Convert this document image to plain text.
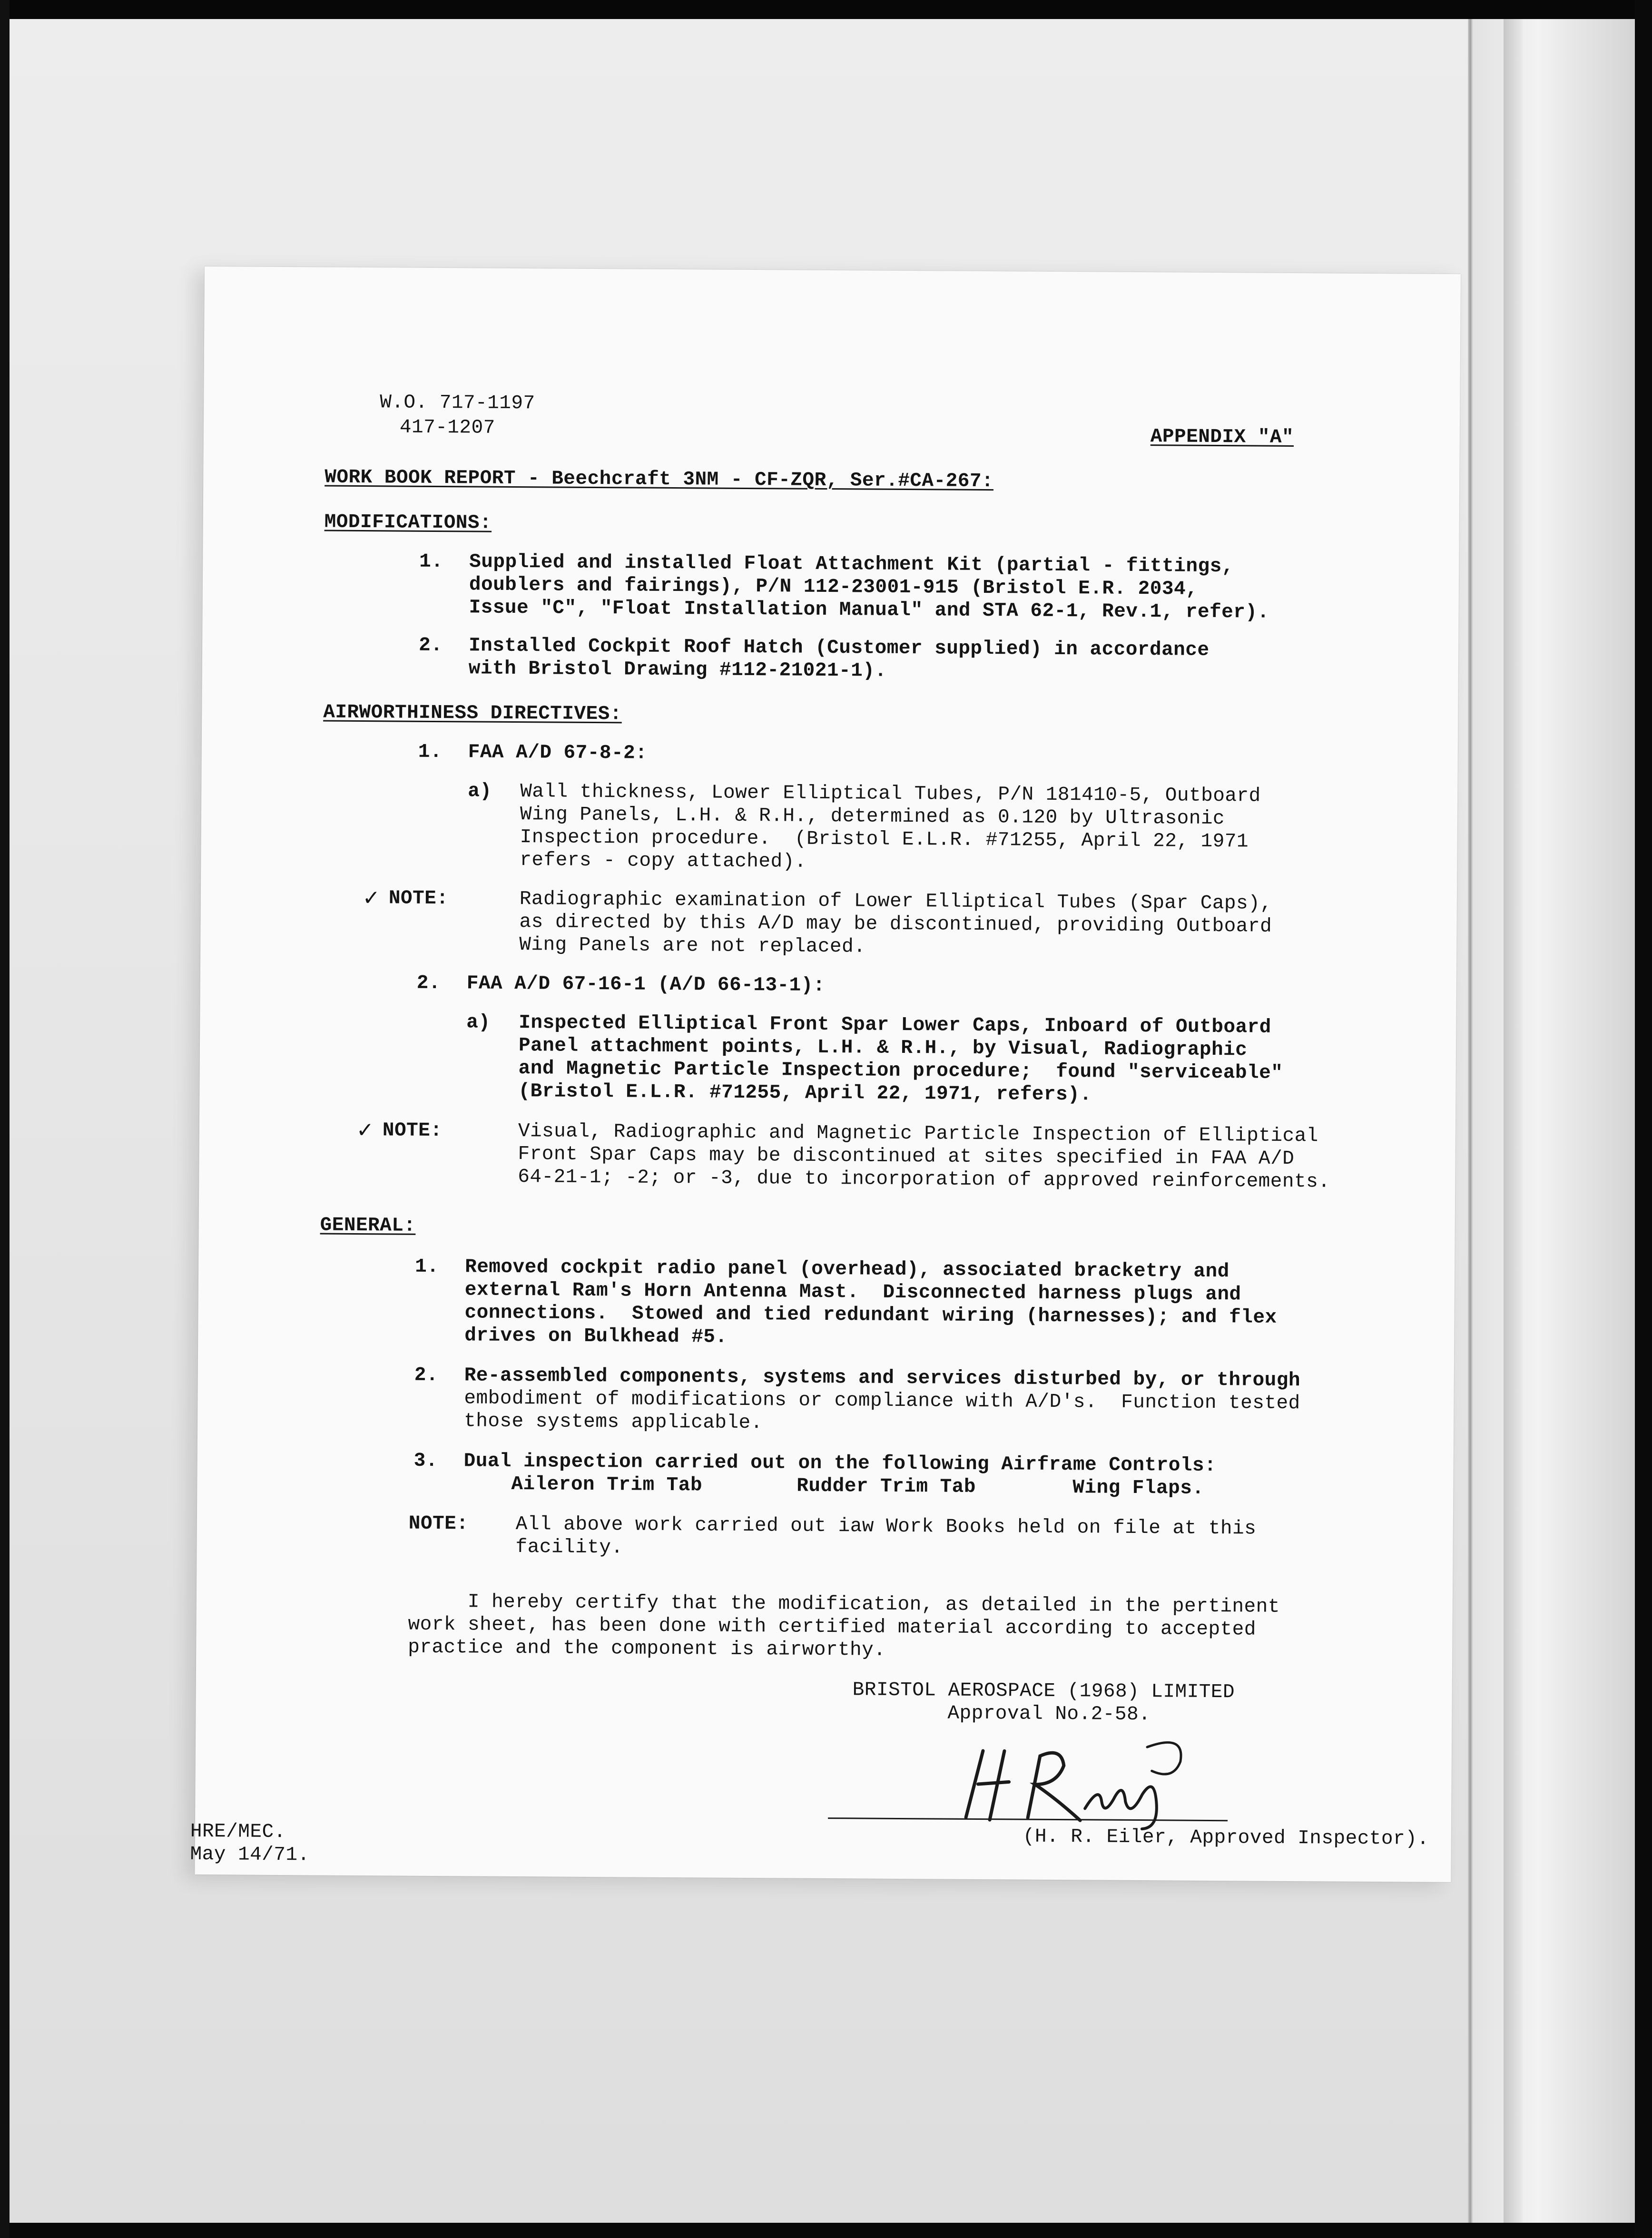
W.O. 717-1197
417-1207	APPENDIX "A"
WORK BOOK REPORT - Beechcraft 3NM - CF-ZQR, Ser.#CA-267:
MODIFICATIONS:
1. Supplied and installed Float Attachment Kit (partial - fittings,
doublers and fairings), P/N 112-23001-915 (Bristol E.R. 2034,
Issue "C", "Float Installation Manual" and STA 62-1, Rev.1, refer).
2. Installed Cockpit Roof Hatch (Customer supplied) in accordance
with Bristol Drawing #112-21021-1).
AIRWORTHINESS DIRECTIVES:
1. FAA A/D 67-8-2:
a) Wall thickness, Lower Elliptical Tubes, P/N 181410-5, Outboard
Wing Panels, L.H. & R.H., determined as 0.120 by Ultrasonic
Inspection procedure.  (Bristol E.L.R. #71255, April 22, 1971
refers - copy attached).
✓ NOTE:	Radiographic examination of Lower Elliptical Tubes (Spar Caps),
as directed by this A/D may be discontinued, providing Outboard
Wing Panels are not replaced.
2. FAA A/D 67-16-1 (A/D 66-13-1):
a) Inspected Elliptical Front Spar Lower Caps, Inboard of Outboard
Panel attachment points, L.H. & R.H., by Visual, Radiographic
and Magnetic Particle Inspection procedure;  found "serviceable"
(Bristol E.L.R. #71255, April 22, 1971, refers).
✓ NOTE:	Visual, Radiographic and Magnetic Particle Inspection of Elliptical
Front Spar Caps may be discontinued at sites specified in FAA A/D
64-21-1; -2; or -3, due to incorporation of approved reinforcements.
GENERAL:
1. Removed cockpit radio panel (overhead), associated bracketry and
external Ram's Horn Antenna Mast.  Disconnected harness plugs and
connections.  Stowed and tied redundant wiring (harnesses); and flex
drives on Bulkhead #5.
2. Re-assembled components, systems and services disturbed by, or through
embodiment of modifications or compliance with A/D's.  Function tested
those systems applicable.
3. Dual inspection carried out on the following Airframe Controls:
Aileron Trim Tab	Rudder Trim Tab	Wing Flaps.
NOTE: All above work carried out iaw Work Books held on file at this
facility.
I hereby certify that the modification, as detailed in the pertinent
work sheet, has been done with certified material according to accepted
practice and the component is airworthy.
BRISTOL AEROSPACE (1968) LIMITED
Approval No.2-58.
(H. R. Eiler, Approved Inspector).
HRE/MEC.
May 14/71.
